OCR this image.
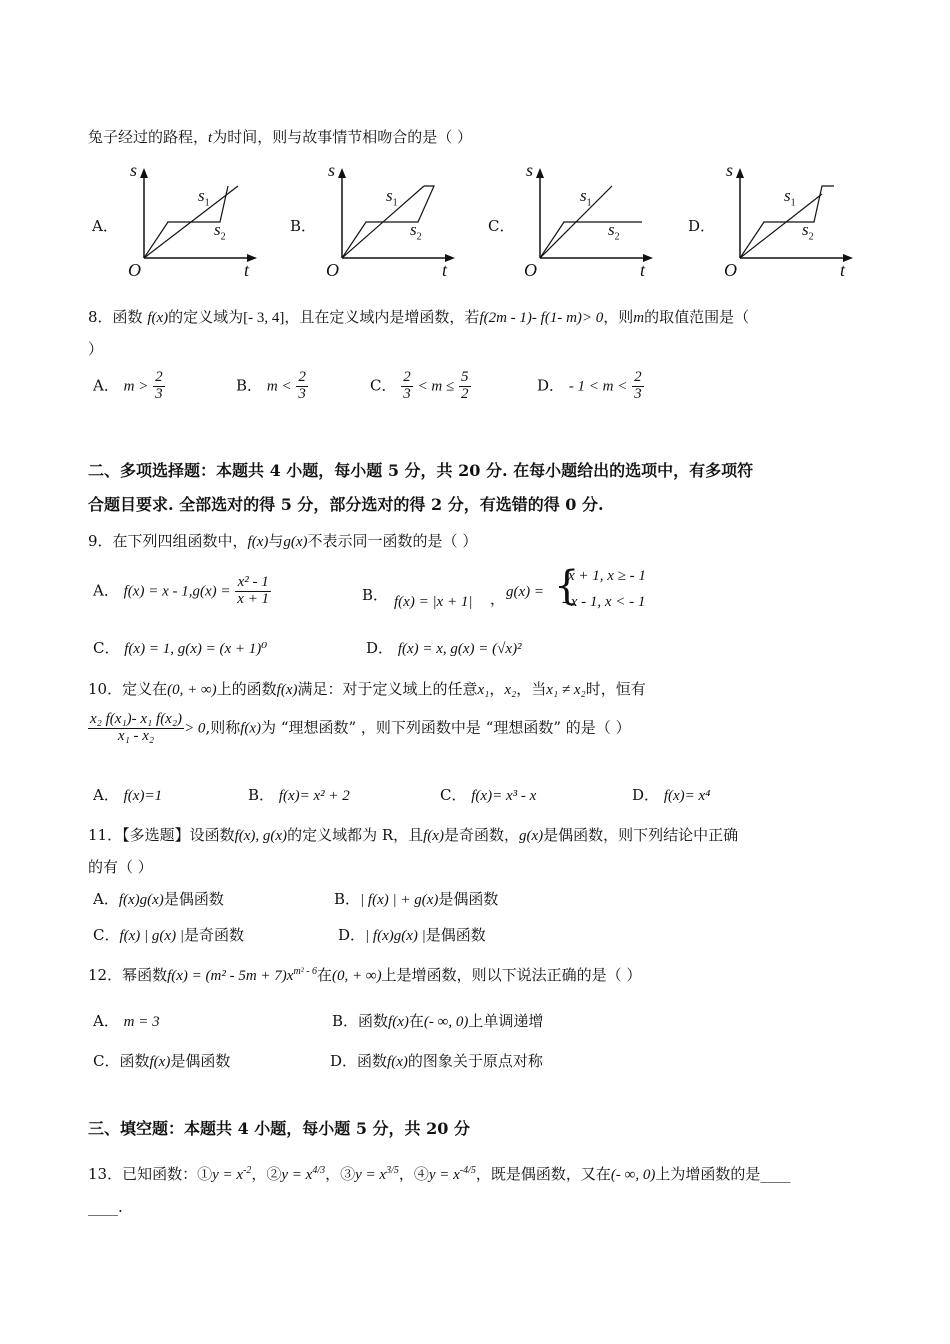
兔子经过的路程，t为时间，则与故事情节相吻合的是（ ）
A．
s
t
O
$s_1$
$s_2$
B．
s
t
O
$s_1$
$s_2$
C．
s
t
O
$s_1$
$s_2$
D．
s
t
O
$s_1$
$s_2$
8．函数 f(x)的定义域为[- 3, 4]，且在定义域内是增函数，若f(2m - 1)- f(1- m)> 0，则m的取值范围是（
）
A． $m > \frac{2}{3}$	B． $m < \frac{2}{3}$	C． $\frac{2}{3} < m \le \frac{5}{2}$	D． - $1 < m < \frac{2}{3}$
二、多项选择题：本题共 4 小题，每小题 5 分，共 20 分. 在每小题给出的选项中，有多项符
合题目要求. 全部选对的得 5 分，部分选对的得 2 分，有选错的得 0 分.
9．在下列四组函数中，f(x)与g(x)不表示同一函数的是（ ）
A． $f(x) = x - 1,g(x) = \frac{\text{x² - 1}}{x + 1}$	B． f(x) = |x + 1| ， g(x) = {
x + 1, x ≥ - 1
- x - 1, x < - 1
C． f(x) = 1, g(x) = (x + 1)⁰	D． f(x) = x, g(x) = (√x)²
10．定义在(0, + ∞)上的函数f(x)满足：对于定义域上的任意x₁，x₂，当x₁ ≠ x₂时，恒有
$\frac{\text{x₂ f(x₁)- x₁ f(x₂)}}{\text{x₁ - x₂}} > 0$,则称f(x)为 “理想函数” ，则下列函数中是 “理想函数” 的是（ ）
A． f(x)=1	B． f(x)= x² + 2	C． f(x)= x³ - x	D． f(x)= x⁴
11．【多选题】设函数f(x), g(x)的定义域都为 R，且f(x)是奇函数，g(x)是偶函数，则下列结论中正确
的有（ ）
A．f(x)g(x)是偶函数	B．| f(x) | + g(x)是偶函数
C．f(x) | g(x) |是奇函数	D．| f(x)g(x) |是偶函数
12．幂函数$f(x) = (m^2 - 5m + 7)x^{m^2 - 6}$在(0, + ∞)上是增函数，则以下说法正确的是（ ）
A． m = 3	B．函数f(x)在(- ∞, 0)上单调递增
C．函数f(x)是偶函数	D．函数f(x)的图象关于原点对称
三、填空题：本题共 4 小题，每小题 5 分，共 20 分
13．已知函数：①y = $x^{-2}$，②y = $x^{4/3}$，③y = $x^{3/5}$，④y = $x^{-4/5}$，既是偶函数，又在(- ∞, 0)上为增函数的是____
____.
